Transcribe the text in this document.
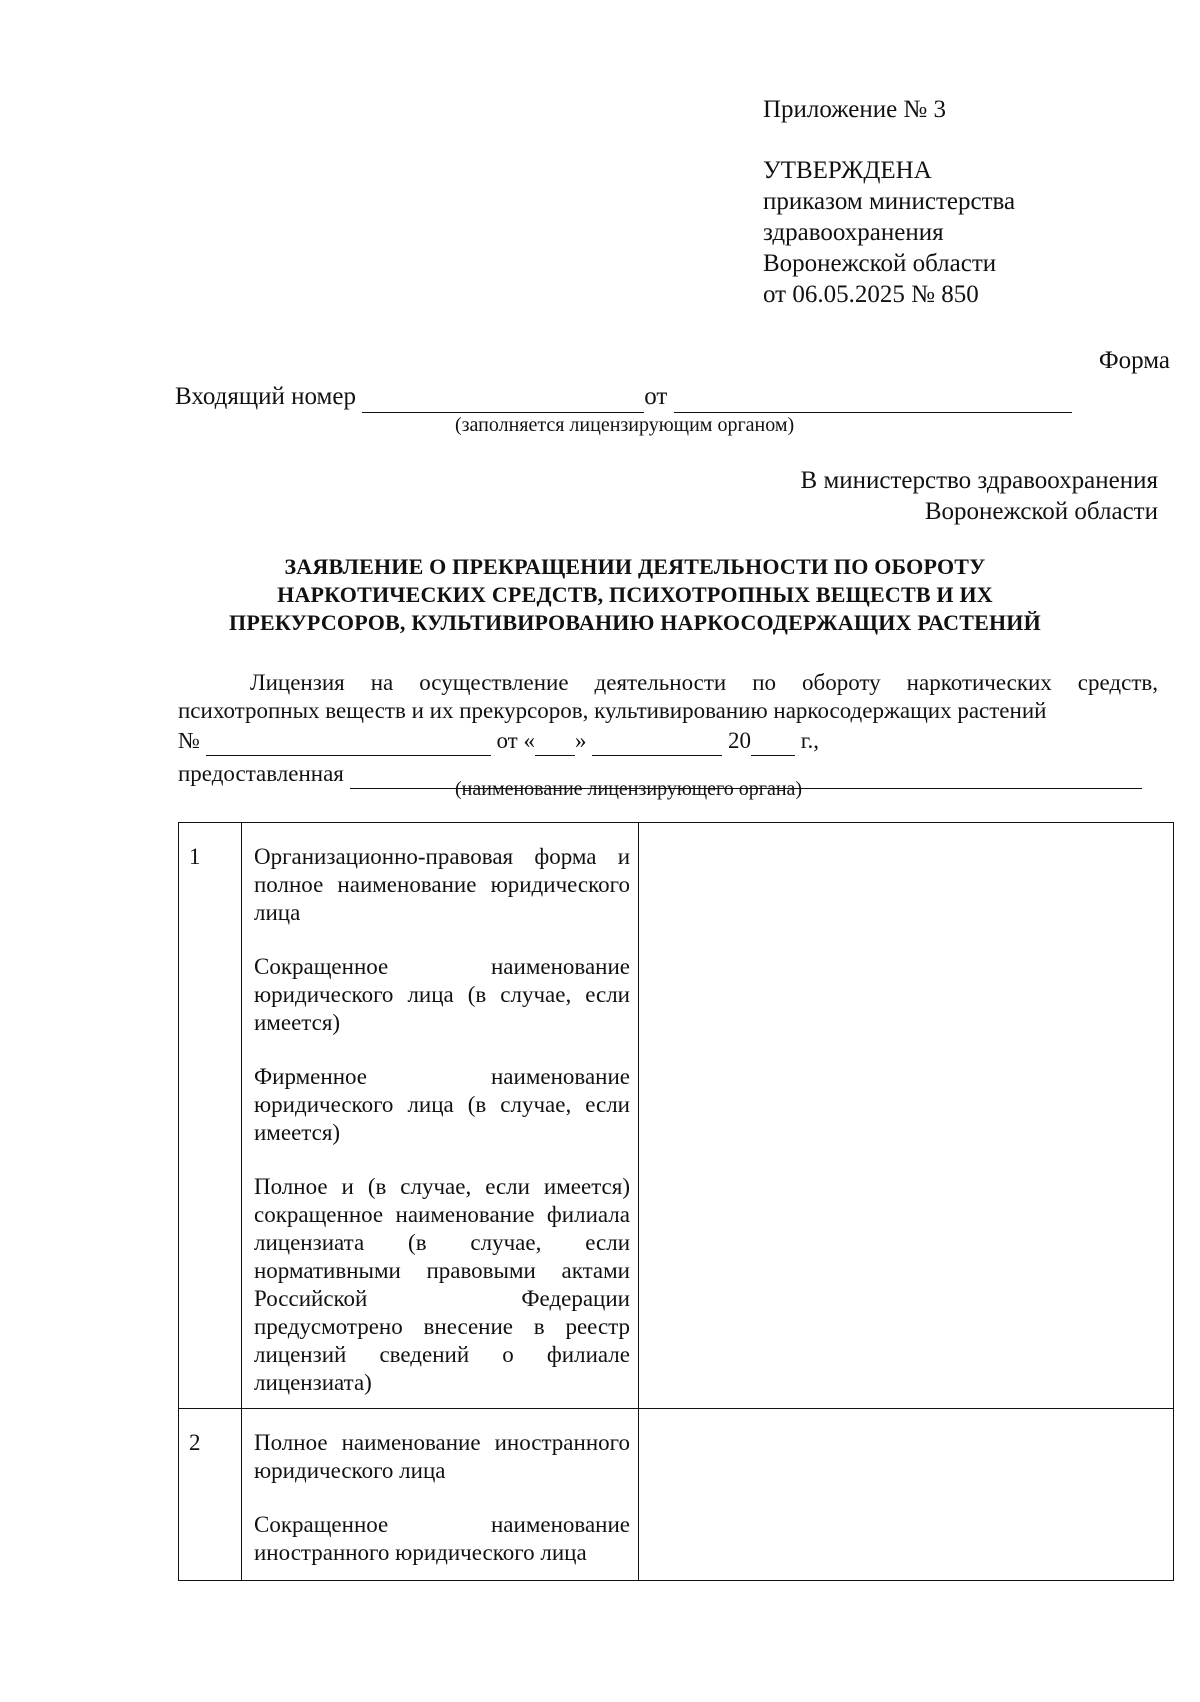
Приложение № 3
УТВЕРЖДЕНА
приказом министерства
здравоохранения
Воронежской области
от 06.05.2025 № 850
Форма
Входящий номер	от
(заполняется лицензирующим органом)
В министерство здравоохранения
Воронежской области
ЗАЯВЛЕНИЕ О ПРЕКРАЩЕНИИ ДЕЯТЕЛЬНОСТИ ПО ОБОРОТУ
НАРКОТИЧЕСКИХ СРЕДСТВ, ПСИХОТРОПНЫХ ВЕЩЕСТВ И ИХ
ПРЕКУРСОРОВ, КУЛЬТИВИРОВАНИЮ НАРКОСОДЕРЖАЩИХ РАСТЕНИЙ
Лицензия на осуществление деятельности по обороту наркотических средств, психотропных веществ и их прекурсоров, культивированию наркосодержащих растений
№	от « »	20 г.,
предоставленная
(наименование лицензирующего органа)
1	Организационно-правовая форма и полное наименование юридического лица
Сокращенное наименование юридического лица (в случае, если имеется)
Фирменное наименование юридического лица (в случае, если имеется)
Полное и (в случае, если имеется) сокращенное наименование филиала лицензиата (в случае, если нормативными правовыми актами Российской Федерации предусмотрено внесение в реестр лицензий сведений о филиале лицензиата)	

2	Полное наименование иностранного юридического лица
Сокращенное наименование иностранного юридического лица	
